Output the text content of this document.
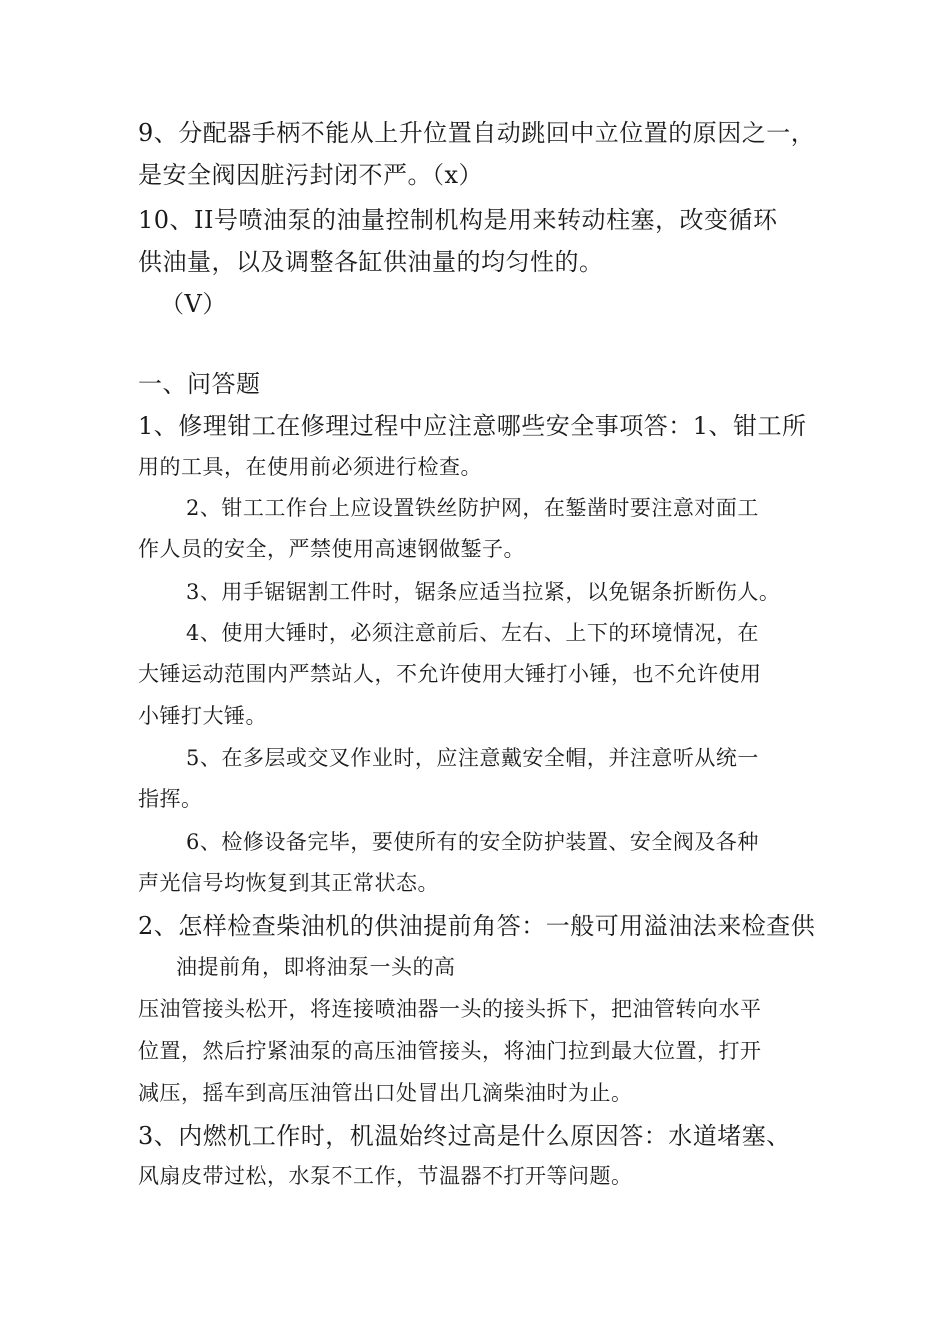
9、分配器手柄不能从上升位置自动跳回中立位置的原因之一，
是安全阀因脏污封闭不严。（x）
10、II号喷油泵的油量控制机构是用来转动柱塞，改变循环
供油量，以及调整各缸供油量的均匀性的。
（V）
一、问答题
1、修理钳工在修理过程中应注意哪些安全事项答：1、钳工所
用的工具，在使用前必须进行检查。
2、钳工工作台上应设置铁丝防护网，在錾凿时要注意对面工
作人员的安全，严禁使用高速钢做錾子。
3、用手锯锯割工件时，锯条应适当拉紧，以免锯条折断伤人。
4、使用大锤时，必须注意前后、左右、上下的环境情况，在
大锤运动范围内严禁站人，不允许使用大锤打小锤，也不允许使用
小锤打大锤。
5、在多层或交叉作业时，应注意戴安全帽，并注意听从统一
指挥。
6、检修设备完毕，要使所有的安全防护装置、安全阀及各种
声光信号均恢复到其正常状态。
2、怎样检查柴油机的供油提前角答：一般可用溢油法来检查供
油提前角，即将油泵一头的高
压油管接头松开，将连接喷油器一头的接头拆下，把油管转向水平
位置，然后拧紧油泵的高压油管接头，将油门拉到最大位置，打开
减压，摇车到高压油管出口处冒出几滴柴油时为止。
3、内燃机工作时，机温始终过高是什么原因答：水道堵塞、
风扇皮带过松，水泵不工作，节温器不打开等问题。
